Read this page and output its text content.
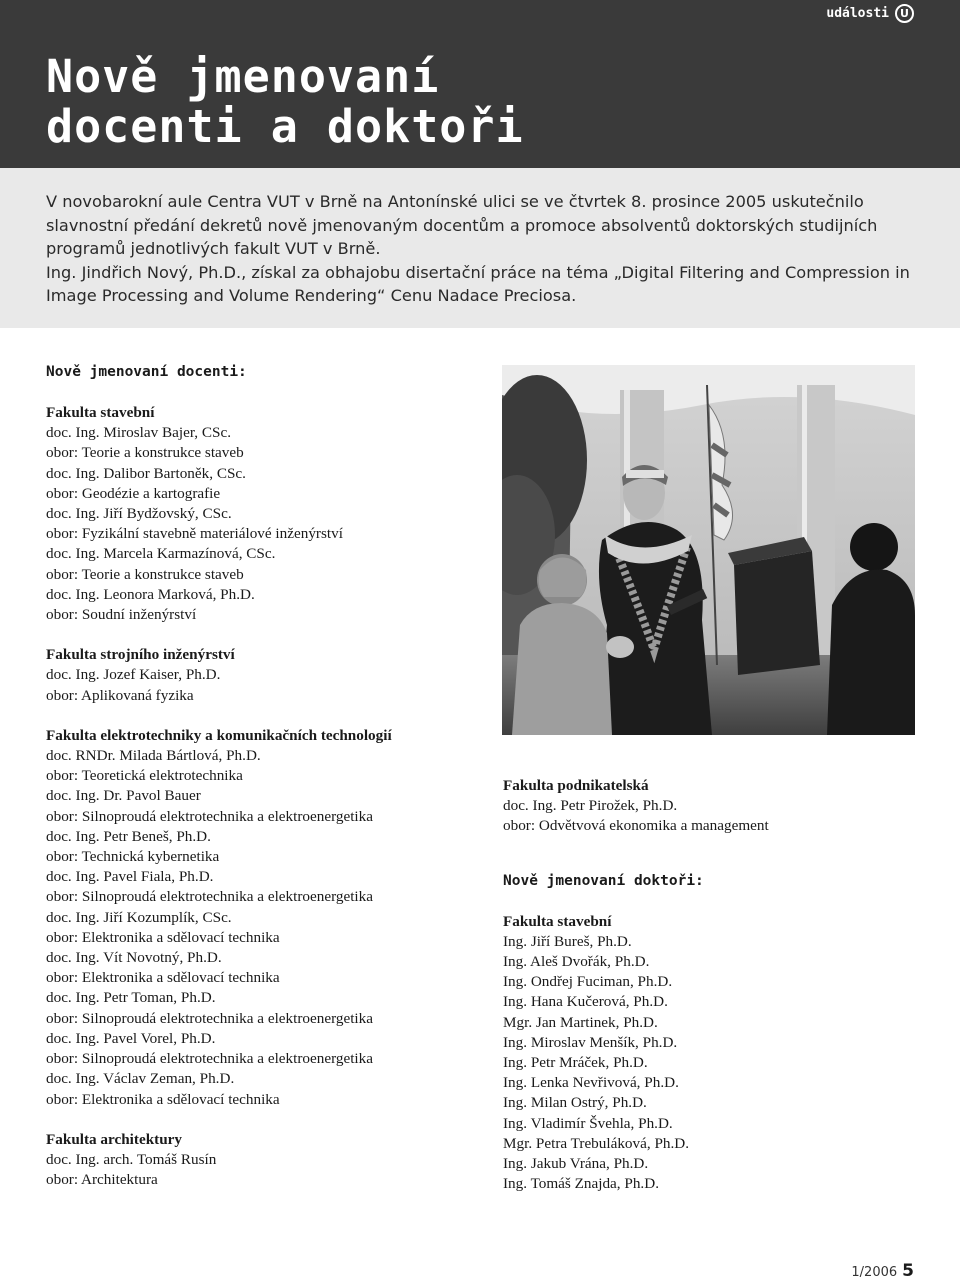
události	U
Nově jmenovaní
docenti a doktoři

V novobarokní aule Centra VUT v Brně na Antonínské ulici se ve čtvrtek 8. prosince 2005 uskutečnilo slavnostní předání dekretů nově jmenovaným docentům a promoce absolventů doktorských studijních programů jednotlivých fakult VUT v Brně.

Ing. Jindřich Nový, Ph.D., získal za obhajobu disertační práce na téma „Digital Filtering and Compression in Image Processing and Volume Rendering“ Cenu Nadace Preciosa.

Nově jmenovaní docenti:
Fakulta stavební
doc. Ing. Miroslav Bajer, CSc.
obor: Teorie a konstrukce staveb
doc. Ing. Dalibor Bartoněk, CSc.
obor: Geodézie a kartografie
doc. Ing. Jiří Bydžovský, CSc.
obor: Fyzikální stavebně materiálové inženýrství
doc. Ing. Marcela Karmazínová, CSc.
obor: Teorie a konstrukce staveb
doc. Ing. Leonora Marková, Ph.D.
obor: Soudní inženýrství
Fakulta strojního inženýrství
doc. Ing. Jozef Kaiser, Ph.D.
obor: Aplikovaná fyzika
Fakulta elektrotechniky a komunikačních technologií
doc. RNDr. Milada Bártlová, Ph.D.
obor: Teoretická elektrotechnika
doc. Ing. Dr. Pavol Bauer
obor: Silnoproudá elektrotechnika a elektroenergetika
doc. Ing. Petr Beneš, Ph.D.
obor: Technická kybernetika
doc. Ing. Pavel Fiala, Ph.D.
obor: Silnoproudá elektrotechnika a elektroenergetika
doc. Ing. Jiří Kozumplík, CSc.
obor: Elektronika a sdělovací technika
doc. Ing. Vít Novotný, Ph.D.
obor: Elektronika a sdělovací technika
doc. Ing. Petr Toman, Ph.D.
obor: Silnoproudá elektrotechnika a elektroenergetika
doc. Ing. Pavel Vorel, Ph.D.
obor: Silnoproudá elektrotechnika a elektroenergetika
doc. Ing. Václav Zeman, Ph.D.
obor: Elektronika a sdělovací technika
Fakulta architektury
doc. Ing. arch. Tomáš Rusín
obor: Architektura
Fakulta podnikatelská
doc. Ing. Petr Pirožek, Ph.D.
obor: Odvětvová ekonomika a management
Nově jmenovaní doktoři:
Fakulta stavební
Ing. Jiří Bureš, Ph.D.
Ing. Aleš Dvořák, Ph.D.
Ing. Ondřej Fuciman, Ph.D.
Ing. Hana Kučerová, Ph.D.
Mgr. Jan Martinek, Ph.D.
Ing. Miroslav Menšík, Ph.D.
Ing. Petr Mráček, Ph.D.
Ing. Lenka Nevřivová, Ph.D.
Ing. Milan Ostrý, Ph.D.
Ing. Vladimír Švehla, Ph.D.
Mgr. Petra Trebuláková, Ph.D.
Ing. Jakub Vrána, Ph.D.
Ing. Tomáš Znajda, Ph.D.
1/2006 5
